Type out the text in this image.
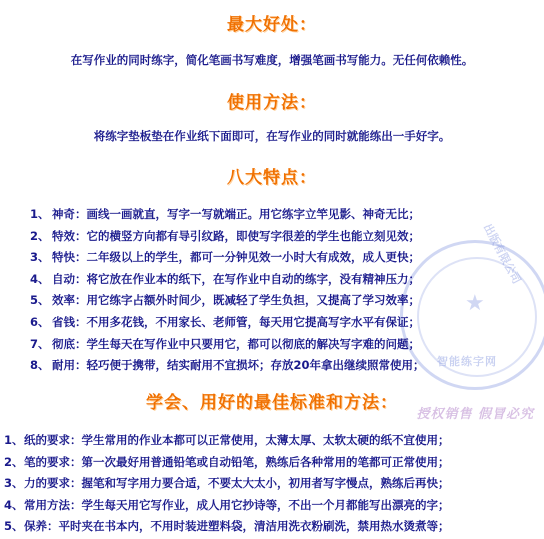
★
出版有限公司
智能练字网
最大好处：
在写作业的同时练字，简化笔画书写难度，增强笔画书写能力。无任何依赖性。
使用方法：
将练字垫板垫在作业纸下面即可，在写作业的同时就能练出一手好字。
八大特点：
1、 神奇：画线一画就直，写字一写就端正。用它练字立竿见影、神奇无比；
2、 特效：它的横竖方向都有导引纹路，即使写字很差的学生也能立刻见效；
3、 特快：二年级以上的学生，都可一分钟见效一小时大有成效，成人更快；
4、 自动：将它放在作业本的纸下，在写作业中自动的练字，没有精神压力；
5、 效率：用它练字占额外时间少，既减轻了学生负担，又提高了学习效率；
6、 省钱：不用多花钱，不用家长、老师管，每天用它提高写字水平有保证；
7、 彻底：学生每天在写作业中只要用它，都可以彻底的解决写字难的问题；
8、 耐用：轻巧便于携带，结实耐用不宜损坏；存放20年拿出继续照常使用；
学会、用好的最佳标准和方法：
授权销售 假冒必究
1、纸的要求：学生常用的作业本都可以正常使用，太薄太厚、太软太硬的纸不宜使用；
2、笔的要求：第一次最好用普通铅笔或自动铅笔，熟练后各种常用的笔都可正常使用；
3、力的要求：握笔和写字用力要合适，不要太大太小，初用者写字慢点，熟练后再快；
4、常用方法：学生每天用它写作业，成人用它抄诗等，不出一个月都能写出漂亮的字；
5、保养：平时夹在书本内，不用时装进塑料袋，清洁用洗衣粉刷洗，禁用热水烫煮等；
